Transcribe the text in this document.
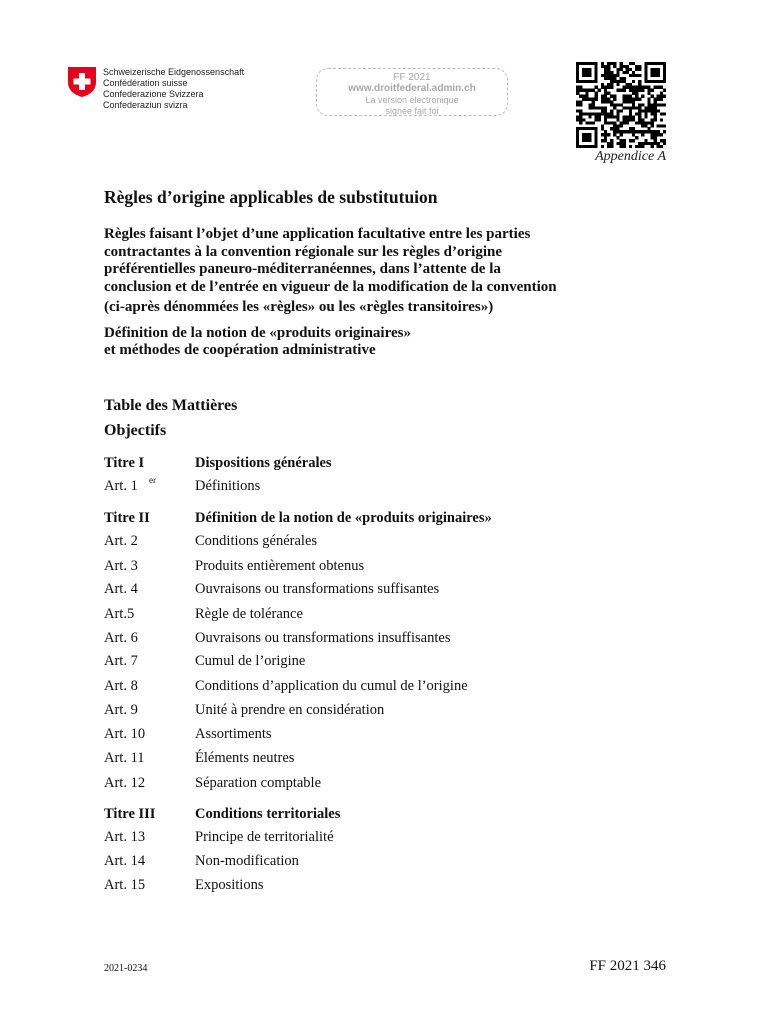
Schweizerische Eidgenossenschaft
Confédération suisse
Confederazione Svizzera
Confederaziun svizra
FF 2021
www.droitfederal.admin.ch
La version électronique
signée fait foi
Appendice A
Règles d’origine applicables de substitutuion
Règles faisant l’objet d’une application facultative entre les parties
contractantes à la convention régionale sur les règles d’origine
préférentielles paneuro-méditerranéennes, dans l’attente de la
conclusion et de l’entrée en vigueur de la modification de la convention
(ci-après dénommées les «règles» ou les «règles transitoires»)
Définition de la notion de «produits originaires»
et méthodes de coopération administrative
Table des Mattières
Objectifs
Titre I	Dispositions générales
Art. 1 er	Définitions
Titre II	Définition de la notion de «produits originaires»
Art. 2	Conditions générales
Art. 3	Produits entièrement obtenus
Art. 4	Ouvraisons ou transformations suffisantes
Art.5	Règle de tolérance
Art. 6	Ouvraisons ou transformations insuffisantes
Art. 7	Cumul de l’origine
Art. 8	Conditions d’application du cumul de l’origine
Art. 9	Unité à prendre en considération
Art. 10	Assortiments
Art. 11	Éléments neutres
Art. 12	Séparation comptable
Titre III	Conditions territoriales
Art. 13	Principe de territorialité
Art. 14	Non-modification
Art. 15	Expositions
2021-0234	FF 2021 346
